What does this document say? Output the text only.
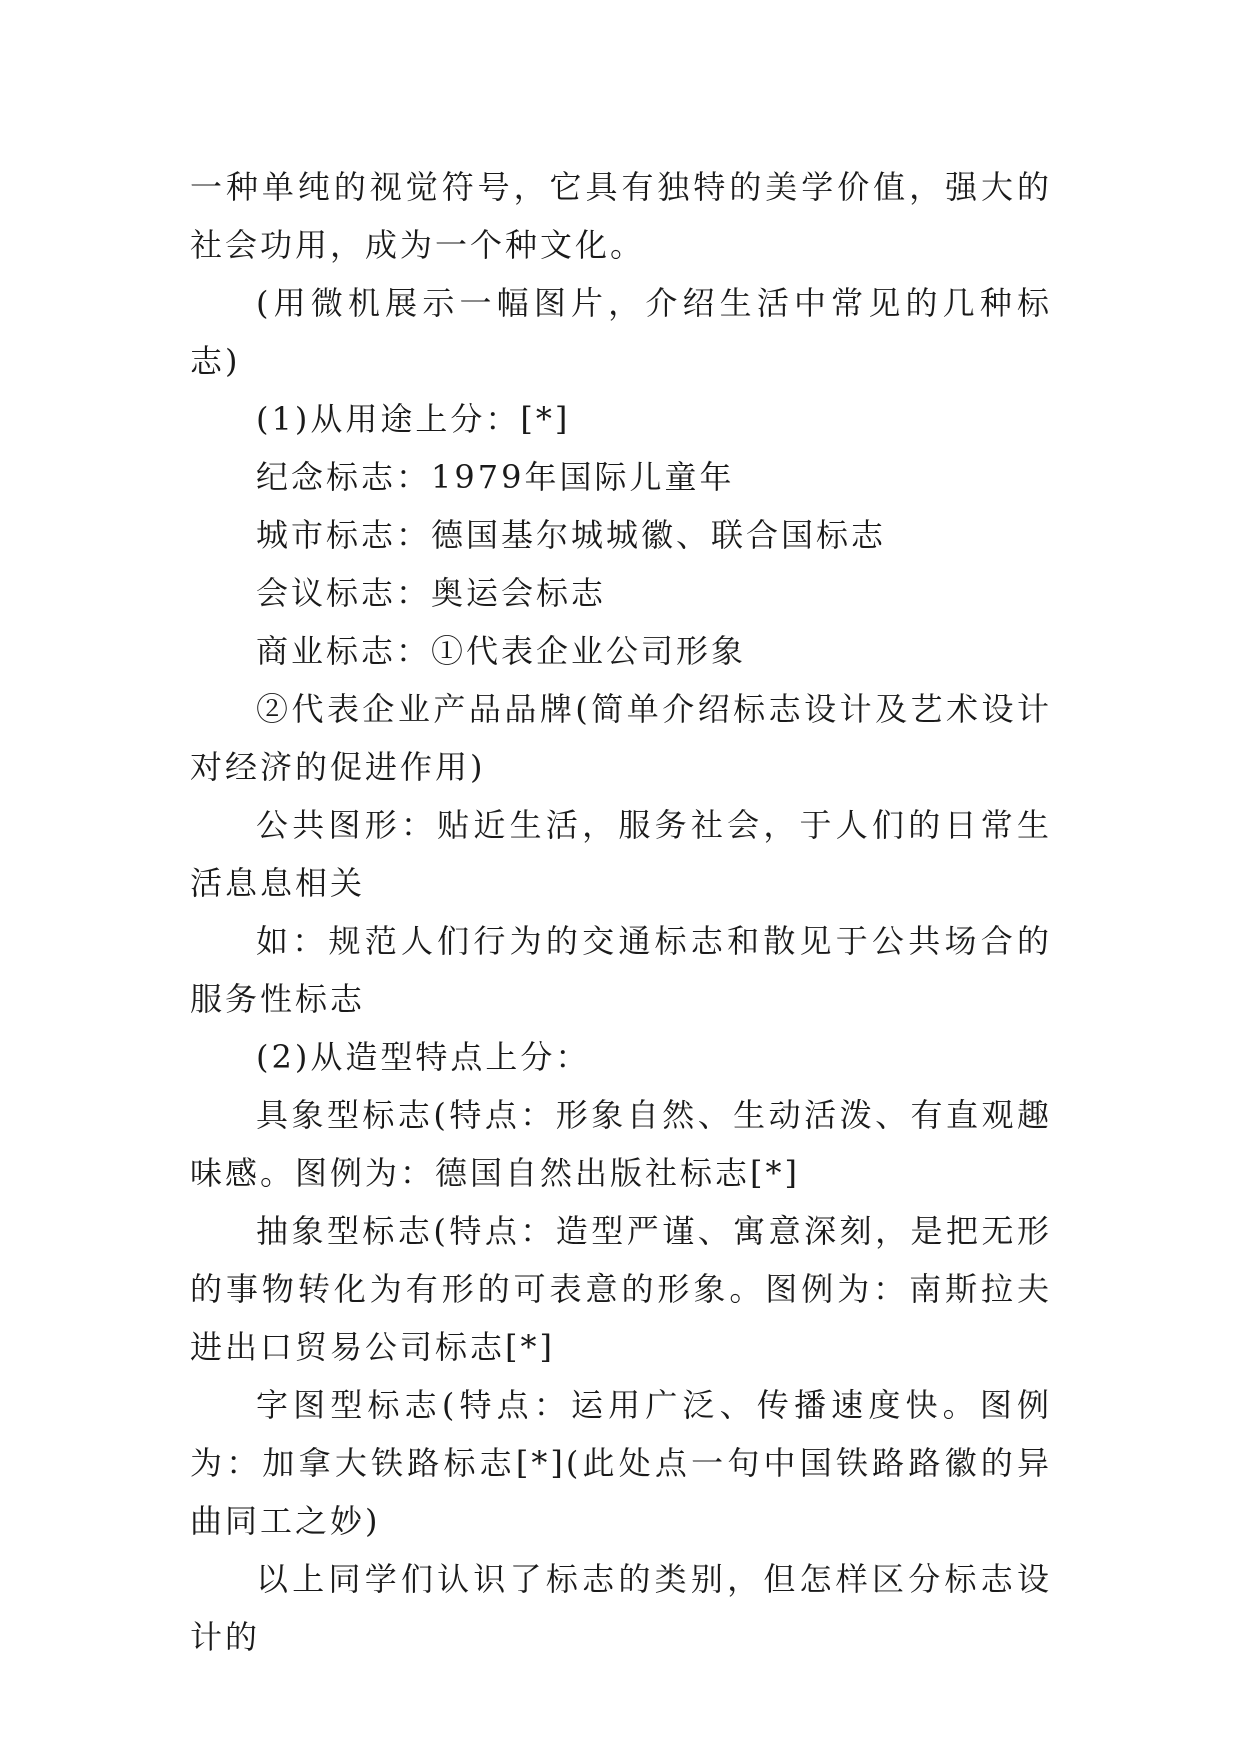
一种单纯的视觉符号，它具有独特的美学价值，强大的社会功用，成为一个种文化。

(用微机展示一幅图片，介绍生活中常见的几种标志)

(1)从用途上分：[*]

纪念标志：1979年国际儿童年

城市标志：德国基尔城城徽、联合国标志

会议标志：奥运会标志

商业标志：①代表企业公司形象

②代表企业产品品牌(简单介绍标志设计及艺术设计对经济的促进作用)

公共图形：贴近生活，服务社会，于人们的日常生活息息相关

如：规范人们行为的交通标志和散见于公共场合的服务性标志

(2)从造型特点上分：

具象型标志(特点：形象自然、生动活泼、有直观趣味感。图例为：德国自然出版社标志[*]

抽象型标志(特点：造型严谨、寓意深刻，是把无形的事物转化为有形的可表意的形象。图例为：南斯拉夫进出口贸易公司标志[*]

字图型标志(特点：运用广泛、传播速度快。图例为：加拿大铁路标志[*](此处点一句中国铁路路徽的异曲同工之妙)

以上同学们认识了标志的类别，但怎样区分标志设计的
